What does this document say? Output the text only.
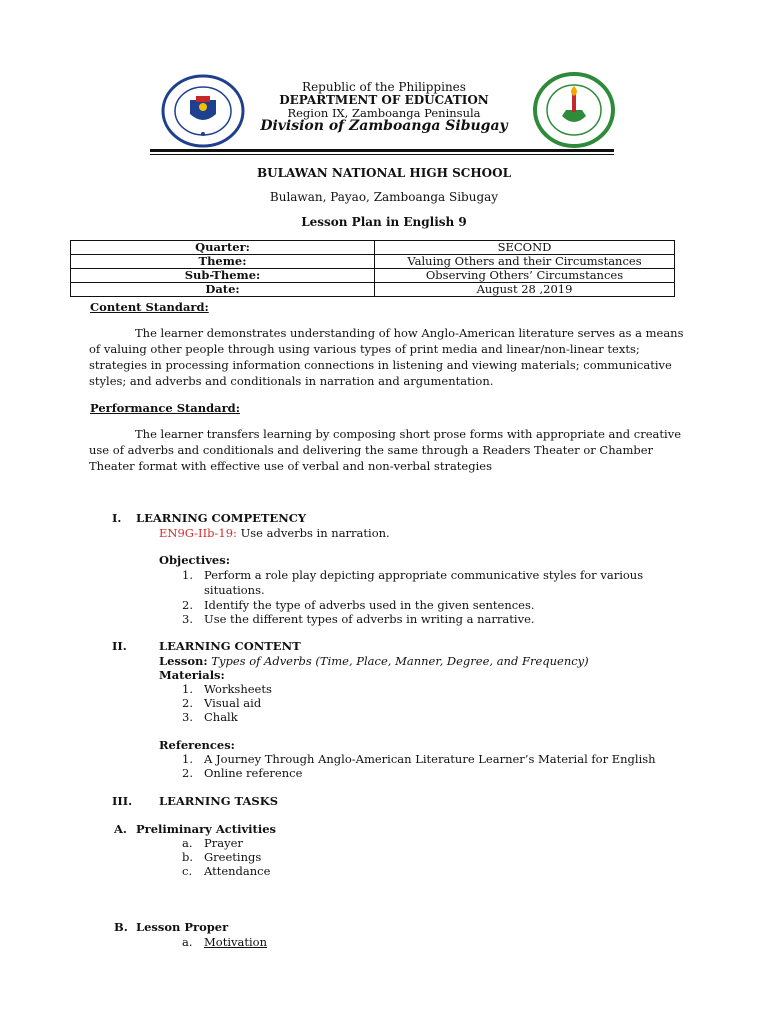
Republic of the Philippines
DEPARTMENT OF EDUCATION
Region IX, Zamboanga Peninsula
Division of Zamboanga Sibugay
BULAWAN NATIONAL HIGH SCHOOL
Bulawan, Payao, Zamboanga Sibugay
Lesson Plan in English 9
Quarter:	SECOND
Theme:	Valuing Others and their Circumstances
Sub-Theme:	Observing Others’ Circumstances
Date:	August 28 ,2019
Content Standard:
The learner demonstrates understanding of how Anglo-American literature serves as a means of valuing other people through using various types of print media and linear/non-linear texts; strategies in processing information connections in listening and viewing materials; communicative styles; and adverbs and conditionals in narration and argumentation.
Performance Standard:
The learner transfers learning by composing short prose forms with appropriate and creative use of adverbs and conditionals and delivering the same through a Readers Theater or Chamber Theater format with effective use of verbal and non-verbal strategies
I. LEARNING COMPETENCY
EN9G-IIb-19: Use adverbs in narration.
Objectives:
1. Perform a role play depicting appropriate communicative styles for various
situations.
2. Identify the type of adverbs used in the given sentences.
3. Use the different types of adverbs in writing a narrative.
II.	LEARNING CONTENT
Lesson: Types of Adverbs (Time, Place, Manner, Degree, and Frequency)
Materials:
1. Worksheets
2. Visual aid
3. Chalk
References:
1. A Journey Through Anglo-American Literature Learner’s Material for English
2. Online reference
III. LEARNING TASKS
A. Preliminary Activities
a. Prayer
b. Greetings
c. Attendance
B. Lesson Proper
a. Motivation
